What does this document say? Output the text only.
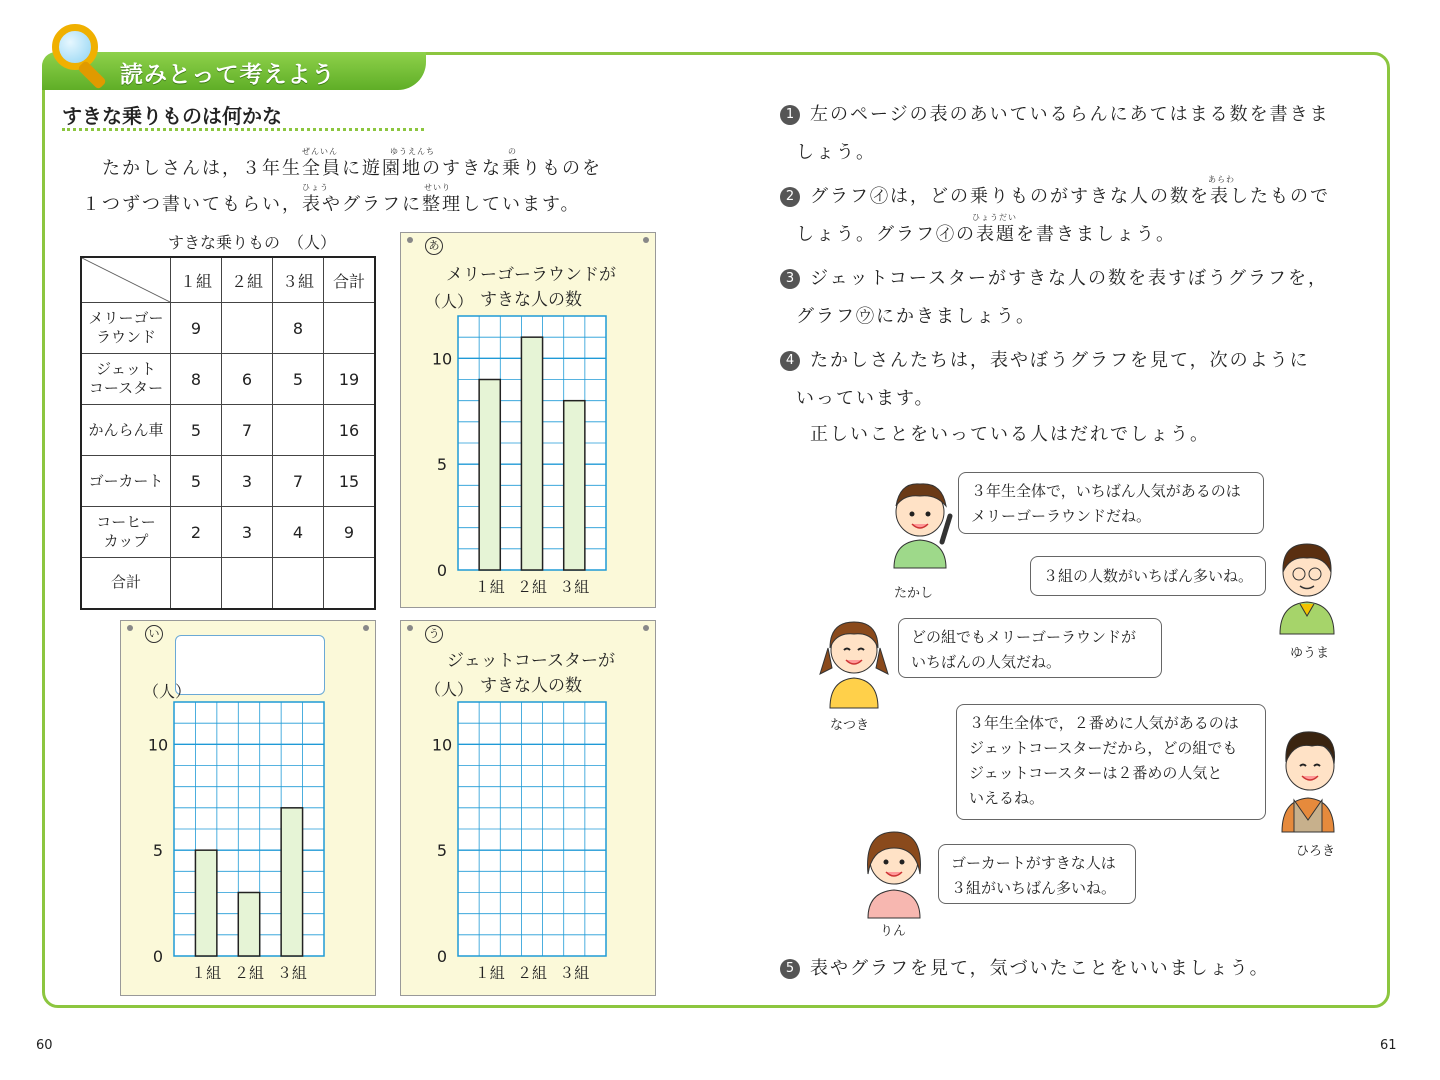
読みとって考えよう
すきな乗りものは何かな
ぜんいん	ゆうえんち	の
たかしさんは，３年生全員に遊園地のすきな乗りものを
ひょう	せいり
１つずつ書いてもらい，表やグラフに整理しています。
すきな乗りもの　（人）
	１組	２組	３組	合計
メリーゴー
ラウンド	9		8	
ジェット
コースター	8	6	5	19
かんらん車	5	7		16
ゴーカート	5	3	7	15
コーヒー
カップ	2	3	4	9
合計				
あ
メリーゴーラウンドが
すきな人の数
（人）
い
（人）
う
ジェットコースターが
すきな人の数
（人）
0
5
10
１組 ２組 ３組
0
5
10
１組 ２組 ３組
0
5
10
１組 ２組 ３組
1 左のページの表のあいているらんにあてはまる数を書きま
しょう。
あらわ
2 グラフ㋑は，どの乗りものがすきな人の数を表したもので
ひょうだい
しょう。グラフ㋑の表題を書きましょう。
3 ジェットコースターがすきな人の数を表すぼうグラフを，
グラフ㋒にかきましょう。
4 たかしさんたちは，表やぼうグラフを見て，次のように
いっています。
正しいことをいっている人はだれでしょう。
３年生全体で，いちばん人気があるのは
メリーゴーラウンドだね。
３組の人数がいちばん多いね。
どの組でもメリーゴーラウンドが
いちばんの人気だね。
３年生全体で，２番めに人気があるのは
ジェットコースターだから，どの組でも
ジェットコースターは２番めの人気と
いえるね。
ゴーカートがすきな人は
３組がいちばん多いね。
たかし
ゆうま
なつき
ひろき
りん
5 表やグラフを見て，気づいたことをいいましょう。
60	61
